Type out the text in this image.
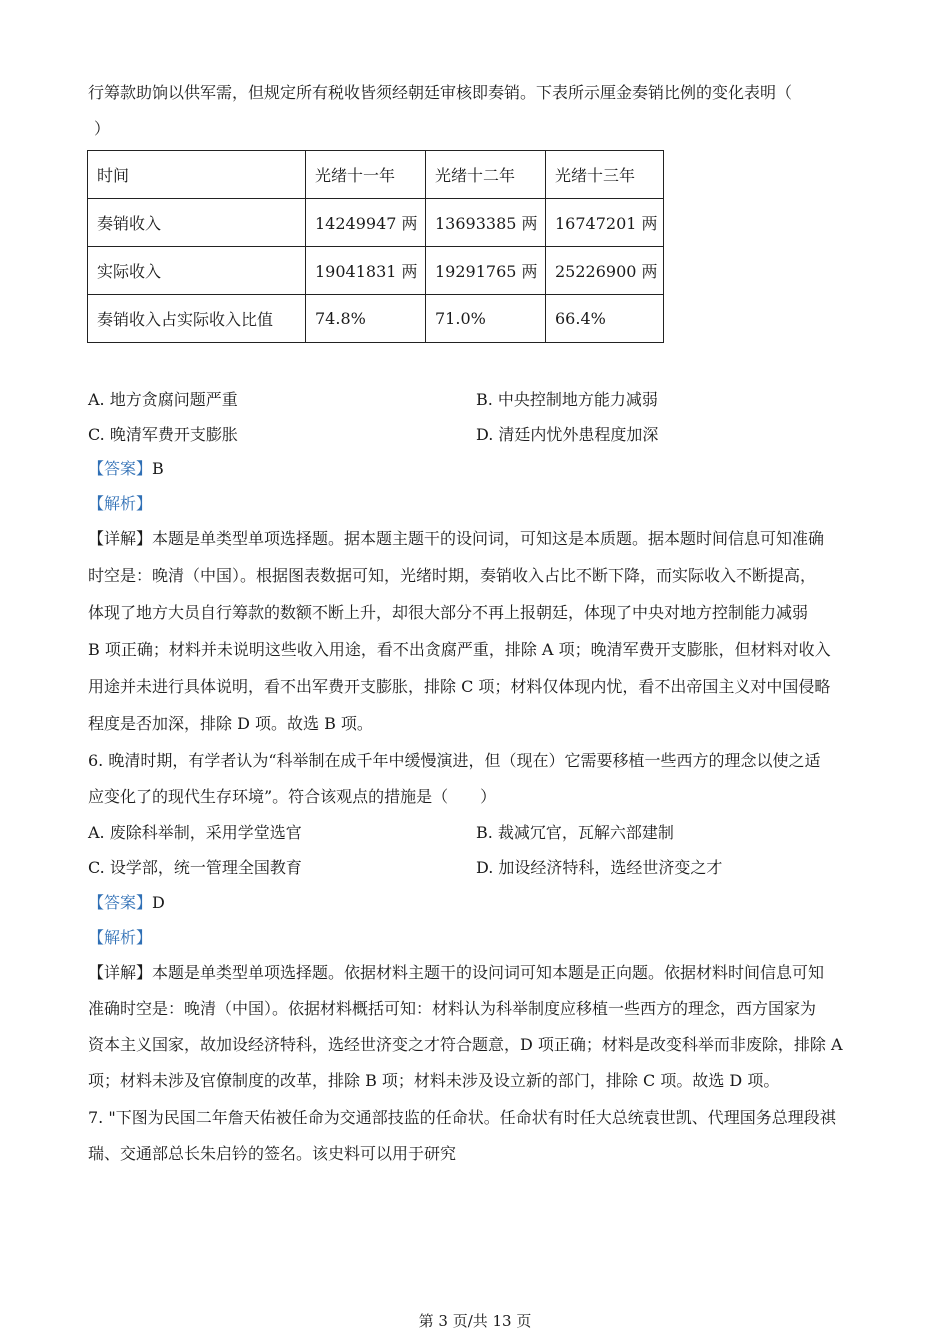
行筹款助饷以供军需，但规定所有税收皆须经朝廷审核即奏销。下表所示厘金奏销比例的变化表明（
）
时间	光绪十一年	光绪十二年	光绪十三年
奏销收入	14249947 两	13693385 两	16747201 两
实际收入	19041831 两	19291765 两	25226900 两
奏销收入占实际收入比值	74.8%	71.0%	66.4%
A. 地方贪腐问题严重	B. 中央控制地方能力减弱
C. 晚清军费开支膨胀	D. 清廷内忧外患程度加深
【答案】B
【解析】
【详解】本题是单类型单项选择题。据本题主题干的设问词，可知这是本质题。据本题时间信息可知准确
时空是：晚清（中国）。根据图表数据可知，光绪时期，奏销收入占比不断下降，而实际收入不断提高，
体现了地方大员自行筹款的数额不断上升，却很大部分不再上报朝廷，体现了中央对地方控制能力减弱
B 项正确；材料并未说明这些收入用途，看不出贪腐严重，排除 A 项；晚清军费开支膨胀，但材料对收入
用途并未进行具体说明，看不出军费开支膨胀，排除 C 项；材料仅体现内忧，看不出帝国主义对中国侵略
程度是否加深，排除 D 项。故选 B 项。
6. 晚清时期，有学者认为“科举制在成千年中缓慢演进，但（现在）它需要移植一些西方的理念以使之适
应变化了的现代生存环境”。符合该观点的措施是（　　）
A. 废除科举制，采用学堂选官	B. 裁减冗官，瓦解六部建制
C. 设学部，统一管理全国教育	D. 加设经济特科，选经世济变之才
【答案】D
【解析】
【详解】本题是单类型单项选择题。依据材料主题干的设问词可知本题是正向题。依据材料时间信息可知
准确时空是：晚清（中国）。依据材料概括可知：材料认为科举制度应移植一些西方的理念，西方国家为
资本主义国家，故加设经济特科，选经世济变之才符合题意，D 项正确；材料是改变科举而非废除，排除 A
项；材料未涉及官僚制度的改革，排除 B 项；材料未涉及设立新的部门，排除 C 项。故选 D 项。
7. "下图为民国二年詹天佑被任命为交通部技监的任命状。任命状有时任大总统袁世凯、代理国务总理段祺
瑞、交通部总长朱启钤的签名。该史料可以用于研究
第 3 页/共 13 页
